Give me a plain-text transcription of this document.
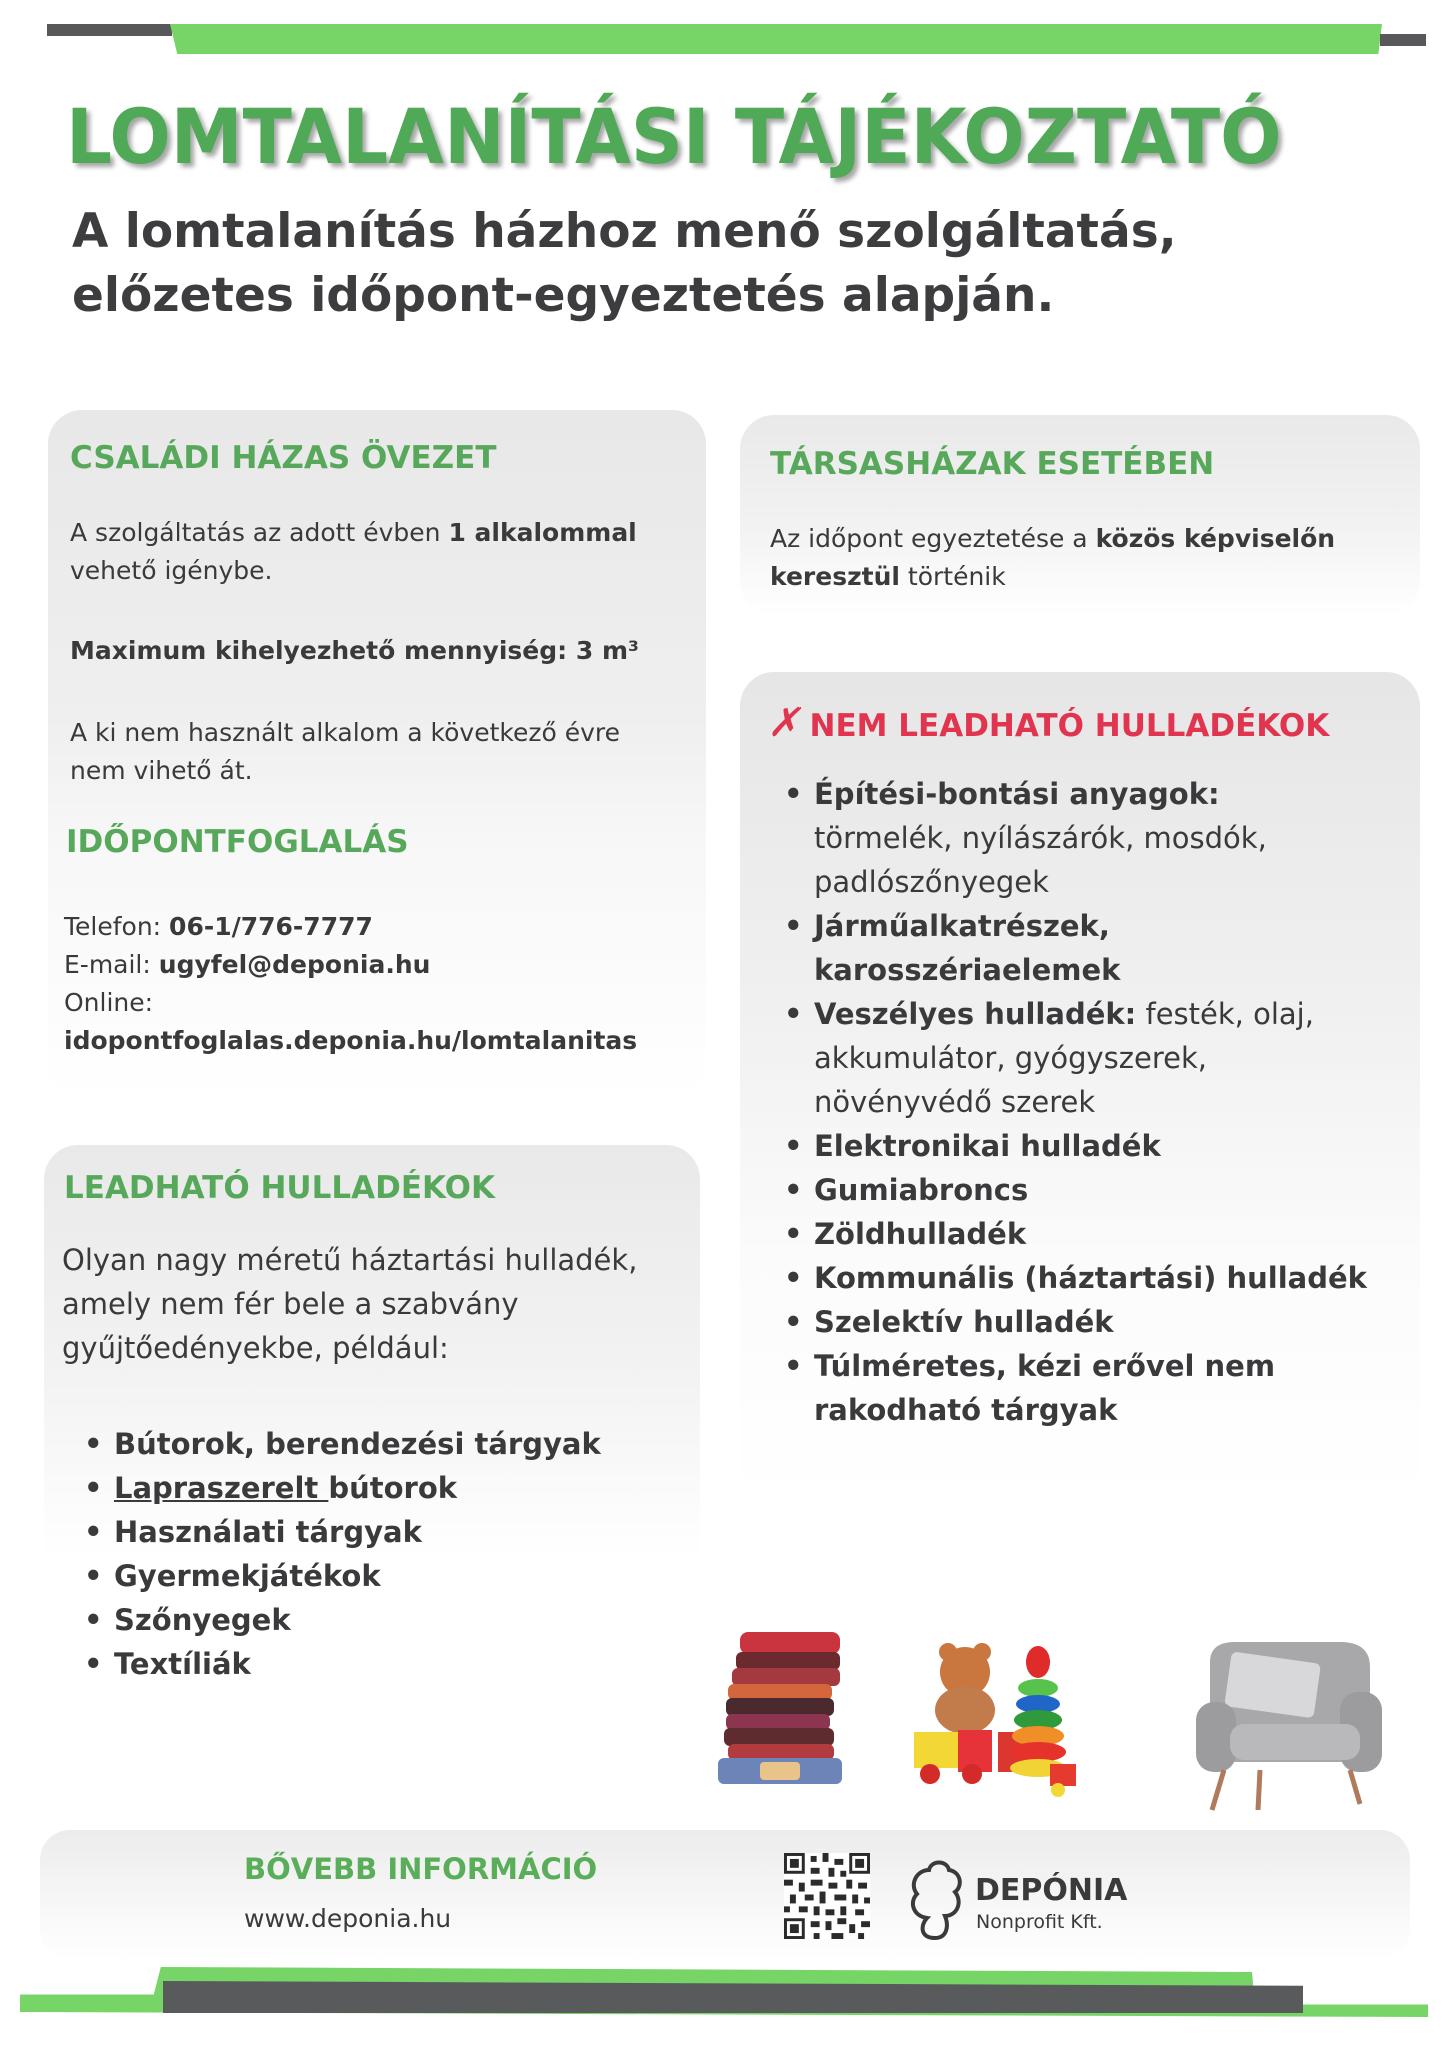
LOMTALANÍTÁSI TÁJÉKOZTATÓ
A lomtalanítás házhoz menő szolgáltatás,
előzetes időpont-egyeztetés alapján.
CSALÁDI HÁZAS ÖVEZET
A szolgáltatás az adott évben 1 alkalommal
vehető igénybe.
Maximum kihelyezhető mennyiség: 3 m³
A ki nem használt alkalom a következő évre nem vihető át.
IDŐPONTFOGLALÁS
Telefon: 06-1/776-7777
E-mail: ugyfel@deponia.hu
Online:
idopontfoglalas.deponia.hu/lomtalanitas
TÁRSASHÁZAK ESETÉBEN
Az időpont egyeztetése a közös képviselőn
keresztül történik
✗NEM LEADHATÓ HULLADÉKOK
• Építési-bontási anyagok:
törmelék, nyílászárók, mosdók, padlószőnyegek
• Járműalkatrészek, karosszériaelemek
• Veszélyes hulladék: festék, olaj, akkumulátor, gyógyszerek, növényvédő szerek
• Elektronikai hulladék
• Gumiabroncs
• Zöldhulladék
• Kommunális (háztartási) hulladék
• Szelektív hulladék
• Túlméretes, kézi erővel nem rakodható tárgyak
LEADHATÓ HULLADÉKOK
Olyan nagy méretű háztartási hulladék, amely nem fér bele a szabvány gyűjtőedényekbe, például:
• Bútorok, berendezési tárgyak
• Lapraszerelt bútorok
• Használati tárgyak
• Gyermekjátékok
• Szőnyegek
• Textíliák
BŐVEBB INFORMÁCIÓ
www.deponia.hu
DEPÓNIA
Nonprofit Kft.
